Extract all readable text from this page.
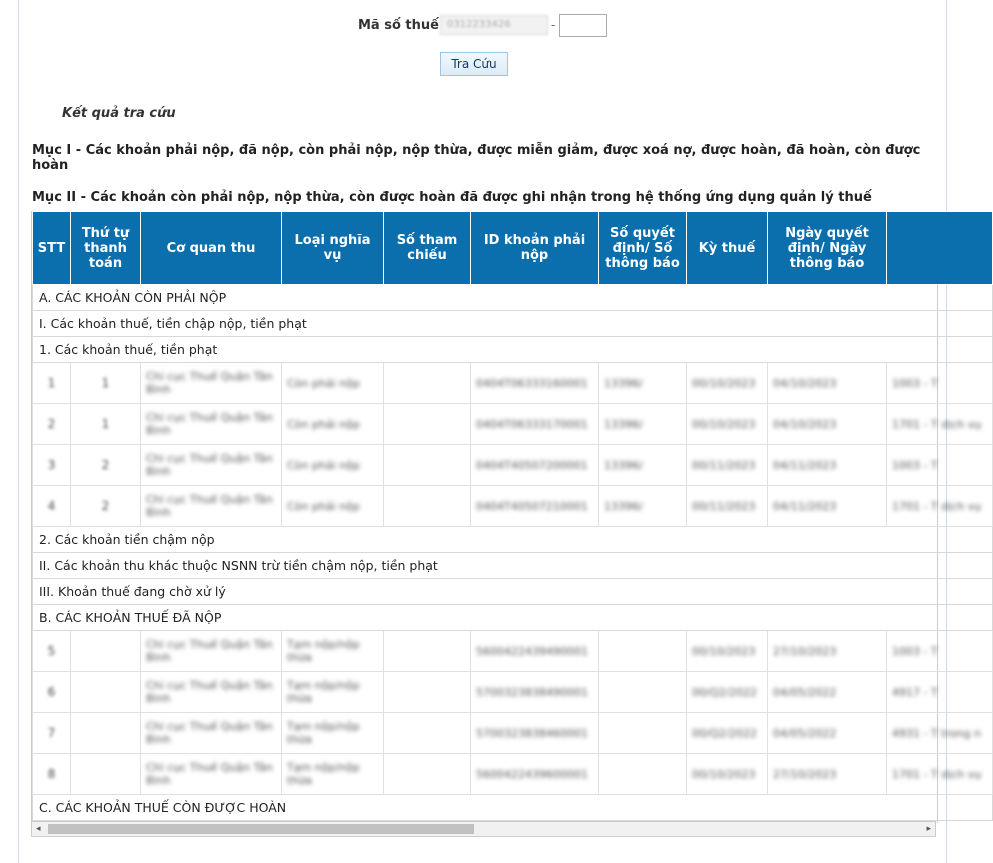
Mã số thuế 0312233426	-
Tra Cứu
Kết quả tra cứu
Mục I - Các khoản phải nộp, đã nộp, còn phải nộp, nộp thừa, được miễn giảm, được xoá nợ, được hoàn, đã hoàn, còn được hoàn
Mục II - Các khoản còn phải nộp, nộp thừa, còn được hoàn đã được ghi nhận trong hệ thống ứng dụng quản lý thuế
STT	Thứ tự thanh toán	Cơ quan thu	Loại nghĩa vụ	Số tham chiếu	ID khoản phải nộp	Số quyết định/ Số thông báo	Kỳ thuế	Ngày quyết định/ Ngày thông báo	
A. CÁC KHOẢN CÒN PHẢI NỘP									
I. Các khoản thuế, tiền chập nộp, tiền phạt									
1. Các khoản thuế, tiền phạt									
1	1	Chi cục Thuế Quận Tân Bình	Còn phải nộp		0404T06333160001	13396/	00/10/2023	04/10/2023	1003 - T
2	1	Chi cục Thuế Quận Tân Bình	Còn phải nộp		0404T06333170001	13396/	00/10/2023	04/10/2023	1701 - T dịch vụ
3	2	Chi cục Thuế Quận Tân Bình	Còn phải nộp		0404T40507200001	13396/	00/11/2023	04/11/2023	1003 - T
4	2	Chi cục Thuế Quận Tân Bình	Còn phải nộp		0404T40507210001	13396/	00/11/2023	04/11/2023	1701 - T dịch vụ
2. Các khoản tiền chậm nộp									
II. Các khoản thu khác thuộc NSNN trừ tiền chậm nộp, tiền phạt									
III. Khoản thuế đang chờ xử lý									
B. CÁC KHOẢN THUẾ ĐÃ NỘP									
5		Chi cục Thuế Quận Tân Bình	Tạm nộp/nộp thừa		5600422439490001		00/10/2023	27/10/2023	1003 - T
6		Chi cục Thuế Quận Tân Bình	Tạm nộp/nộp thừa		5700323838490001		00/Q2/2022	04/05/2022	4917 - T
7		Chi cục Thuế Quận Tân Bình	Tạm nộp/nộp thừa		5700323838460001		00/Q2/2022	04/05/2022	4931 - T trong n
8		Chi cục Thuế Quận Tân Bình	Tạm nộp/nộp thừa		5600422439600001		00/10/2023	27/10/2023	1701 - T dịch vụ
C. CÁC KHOẢN THUẾ CÒN ĐƯỢC HOÀN									
◂	▸
